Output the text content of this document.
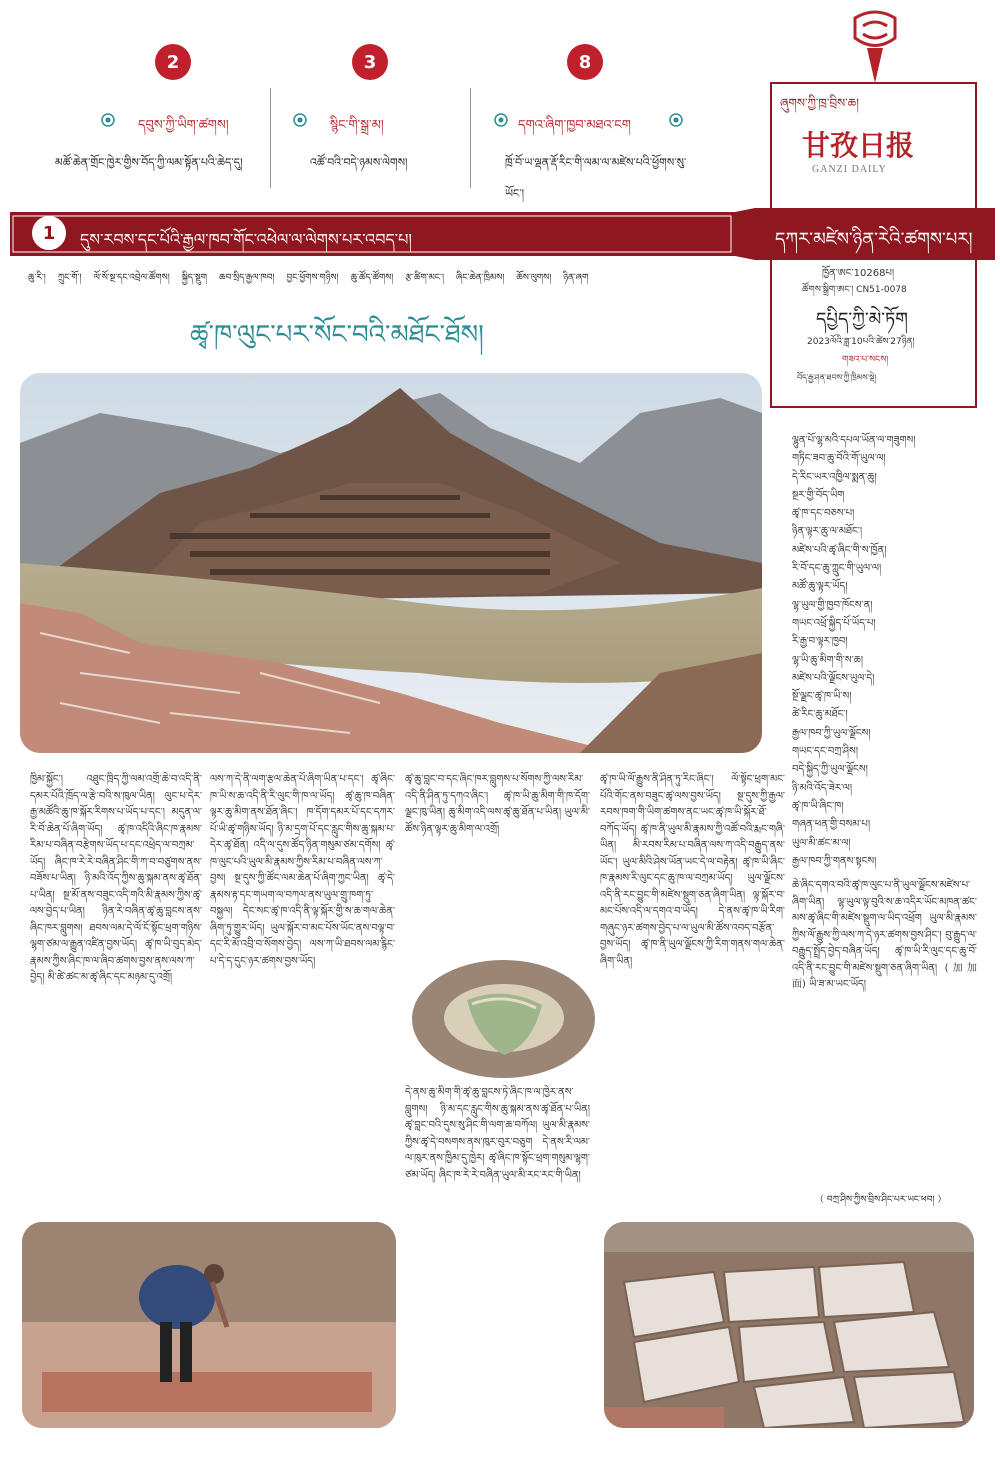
2
དབུས་ཀྱི་ཡིག་ཚགས།
མཚོ་ཆེན་གྲོང་ཁྱེར་གྱིས་བོད་ཀྱི་ལམ་སྟོན་པའི་ཆེད་དུ།
3
སྙིང་གི་སྒྲ་མ།
འཚོ་བའི་བདེ་ཉམས་ལེགས།
8
དགའ་ཞིག་ཁྱབ་མཐའ་ངག
ཁྲོ་བོ་ཡ་ལྡན་རྡོ་རིང་གི་ལམ་ལ་མཛེས་པའི་ཕྱོགས་སུ་ཡོང་།
ཞུགས་ཀྱི་ཁྲ་བྲིས་ཆ།
甘孜日报
GANZI DAILY
ཁྱོན་ཨང་10268པ།
ཚོགས་སྒྲིག་ཨང་། CN51-0078
དཔྱིད་ཀྱི་མེ་ཏོག
2023ལོའི་ཟླ་10པའི་ཚེས་27ཉིན།
གཟའ་པ་སངས།
བོད་རྒྱ་ཤན་ཐབས་ཀྱི་ཁྲིམས་སྡེ།
1	དུས་རབས་དང་པོའི་རྒྱལ་ཁབ་གོང་འཕེལ་ལ་ལེགས་པར་འབད་པ།	དཀར་མཛེས་ཉིན་རེའི་ཚགས་པར།
ཆུ་རི་། ཀྲུང་གོ་། ལོ་སོ་སྔ་དང་འབྲེལ་ཚོགས། སྐྱིད་སྡུག ཆབ་སྲིད་རྒྱལ་ཁབ། བྱང་ཕྱོགས་གཉིས། ཆུ་ཚོད་ཚོགས། རྩ་ཚིག་མང་། ཞིང་ཆེན་ཁྲིམས། ཆོས་ལུགས། ཉིན་ཞག
ཚྭ་ཁ་ལུང་པར་སོང་བའི་མཐོང་ཐོས།
ཁྱིམ་སྐྱོང་། འཐུང་ཁྲིད་ཀྱི་ལམ་འགྲོ་ཆེ་བ་འདི་ནི་དམར་པོའི་ཁྲོད་ལ་རྩེ་བའི་ས་ཁུལ་ཡིན། ལུང་པ་དེར་རྒྱ་མཚོའི་ཆུ་ཁ་སྐོར་རིགས་པ་ཡོད་པ་དང་། མདུན་ལ་རི་བོ་ཆེན་པོ་ཞིག་ཡོད། ཚྭ་ཁ་འདིའི་ཞིང་ཁ་རྣམས་རིམ་པ་བཞིན་བརྩེགས་ཡོད་པ་དང་འཕྲེད་ལ་བཀྲམ་ཡོད། ཞིང་ཁ་རེ་རེ་བཞིན་ཤིང་གི་ཀ་བ་བཙུགས་ནས་བཟོས་པ་ཡིན། ཉི་མའི་འོད་ཀྱིས་ཆུ་སྐམ་ནས་ཚྭ་ཐོན་པ་ཡིན། སྔ་མོ་ནས་བཟུང་འདི་གའི་མི་རྣམས་ཀྱིས་ཚྭ་ལས་བྱེད་པ་ཡིན། ཉིན་རེ་བཞིན་ཚྭ་ཆུ་བླངས་ནས་ཞིང་ཁར་བླུགས། ཐབས་ལམ་དེ་ལོ་ངོ་སྟོང་ཕྲག་གཉིས་ལྷག་ཙམ་ལ་རྒྱུན་འཛིན་བྱས་ཡོད། ཚྭ་ཁ་ཡི་བུད་མེད་རྣམས་ཀྱིས་ཞིང་ཁ་ལ་ཞིབ་ཚགས་བྱས་ནས་ལས་ཀ་བྱེད། མི་ཚེ་ཚང་མ་ཚྭ་ཞིང་དང་མཉམ་དུ་འགྲོ།
ལས་ཀ་དེ་ནི་ལག་རྩལ་ཆེན་པོ་ཞིག་ཡིན་པ་དང་། ཚྭ་ཞིང་ཁ་ཡི་ས་ཆ་འདི་ནི་རི་ལུང་གི་ཁ་ལ་ཡོད། ཚྭ་ཆུ་ཁ་བཞིན་ལྟར་ཆུ་མིག་ནས་ཐོན་ཞིང་། ཁ་དོག་དམར་པོ་དང་དཀར་པོ་ཡི་ཚྭ་གཉིས་ཡོད། ཉི་མ་དྲག་པོ་དང་རླུང་གིས་ཆུ་སྐམ་པ་དེར་ཚྭ་ཐོན། འདི་ལ་དུས་ཚོད་ཉིན་གསུམ་ཙམ་དགོས། ཚྭ་ཁ་ལུང་པའི་ཡུལ་མི་རྣམས་ཀྱིས་རིམ་པ་བཞིན་ལས་ཀ་བྱས། སྔ་དུས་ཀྱི་ཚོང་ལམ་ཆེན་པོ་ཞིག་ཀྱང་ཡིན། ཚྭ་དེ་རྣམས་རྟ་དང་གཡག་ལ་བཀལ་ནས་ཡུལ་གྲུ་ཁག་ཏུ་བསྐྱལ། དེང་སང་ཚྭ་ཁ་འདི་ནི་ལྟ་སྐོར་གྱི་ས་ཆ་གལ་ཆེན་ཞིག་ཏུ་གྱུར་ཡོད། ཡུལ་སྐོར་བ་མང་པོས་ཡོང་ནས་བལྟ་བ་དང་རི་མོ་འབྲི་བ་སོགས་བྱེད། ལས་ཀ་ཡི་ཐབས་ལམ་རྙིང་པ་དེ་ད་དུང་ཉར་ཚགས་བྱས་ཡོད།
ཚྭ་ཆུ་བླང་བ་དང་ཞིང་ཁར་བླུགས་པ་སོགས་ཀྱི་ལས་རིམ་འདི་ནི་ཤིན་ཏུ་དཀའ་ཞིང་། ཚྭ་ཁ་ཡི་ཆུ་མིག་གི་ཁ་དོག་ལྗང་ཁུ་ཡིན། ཆུ་མིག་འདི་ལས་ཚྭ་ཆུ་ཐོན་པ་ཡིན། ཡུལ་མི་ཚོས་ཉིན་ལྟར་ཆུ་མིག་ལ་འགྲོ།
དེ་ནས་ཆུ་མིག་གི་ཚྭ་ཆུ་བླངས་ཏེ་ཞིང་ཁ་ལ་ཁྱེར་ནས་བླུགས། ཉི་མ་དང་རླུང་གིས་ཆུ་སྐམ་ནས་ཚྭ་ཐོན་པ་ཡིན། ཚྭ་བླང་བའི་དུས་སུ་ཤིང་གི་ལག་ཆ་བཀོལ། ཡུལ་མི་རྣམས་ཀྱིས་ཚྭ་དེ་བསགས་ནས་ཁུར་བུར་བཅུག དེ་ནས་རི་ལམ་ལ་ཁུར་ནས་ཁྱིམ་དུ་ཁྱེར། ཚྭ་ཞིང་ཁ་སྟོང་ཕྲག་གསུམ་ལྷག་ཙམ་ཡོད། ཞིང་ཁ་རེ་རེ་བཞིན་ཡུལ་མི་རང་རང་གི་ཡིན།
ཚྭ་ཁ་ཡི་ལོ་རྒྱུས་ནི་ཤིན་ཏུ་རིང་ཞིང་། ལོ་སྟོང་ཕྲག་མང་པོའི་གོང་ནས་བཟུང་ཚྭ་ལས་བྱས་ཡོད། སྔ་དུས་ཀྱི་རྒྱལ་རབས་ཁག་གི་ཡིག་ཚགས་ནང་ཡང་ཚྭ་ཁ་ཡི་སྐོར་ཐོ་བཀོད་ཡོད། ཚྭ་ཁ་ནི་ཡུལ་མི་རྣམས་ཀྱི་འཚོ་བའི་རྨང་གཞི་ཡིན། མི་རབས་རིམ་པ་བཞིན་ལས་ཀ་འདི་བརྒྱུད་ནས་ཡོང་། ཡུལ་མིའི་ཤེས་ཡོན་ཡང་དེ་ལ་བརྟེན། ཚྭ་ཁ་ཡི་ཞིང་ཁ་རྣམས་རི་ལུང་དང་ཆུ་ཁ་ལ་བཀྲམ་ཡོད། ཡུལ་ལྗོངས་འདི་ནི་རང་བྱུང་གི་མཛེས་སྡུག་ཅན་ཞིག་ཡིན། ལྟ་སྐོར་བ་མང་པོས་འདི་ལ་དགའ་བ་ཡོད། དེ་ནས་ཚྭ་ཁ་ཡི་རིག་གཞུང་ཉར་ཚགས་བྱེད་པ་ལ་ཡུལ་མི་ཚོས་འབད་བརྩོན་བྱས་ཡོད། ཚྭ་ཁ་ནི་ཡུལ་ལྗོངས་ཀྱི་རིག་གནས་གལ་ཆེན་ཞིག་ཡིན།
ལྷུན་པོ་ལྷ་མའི་དཔལ་ཡོན་ལ་གཟུགས།
གཏིང་ཟབ་ཆུ་བོའི་གོ་ཡུལ་ལ།
དེ་རིང་ཡར་འཁྱིལ་སྨན་ཆུ།
སྔར་གྱི་བོད་ཡིག
ཚྭ་ཁ་དང་བཅས་པ།
ཉིན་ལྟར་ཆུ་ལ་མཐོང་།
མཛེས་པའི་ཚྭ་ཞིང་གི་ས་ཁྱོན།
རི་བོ་དང་ཆུ་ཀླུང་གི་ཡུལ་ལ།
མཚོ་ཆུ་ལྟར་ཡོད།
ལྷ་ཡུལ་གྱི་ཁྱབ་ཁོངས་ན།
གཡང་འཕྲོ་སྐྱིད་པོ་ཡོད་པ།
རི་རྒྱ་བ་ལྟར་ཁྱབ།
ལྷ་ཡི་ཆུ་མིག་གི་ས་ཆ།
མཛེས་པའི་ལྗོངས་ཡུལ་དེ།
སྔོ་ལྗང་ཚྭ་ཁ་ཡི་ས།
ཚེ་རིང་ཆུ་མཐོང་།
རྒྱལ་ཁབ་ཀྱི་ཡུལ་ལྗོངས།
གཡང་དང་བཀྲ་ཤིས།
བདེ་སྐྱིད་ཀྱི་ཡུལ་ལྗོངས།
ཉི་མའི་འོད་ཟེར་ལ།
ཚྭ་ཁ་ཡི་ཞིང་ཁ།
གཞན་ཕན་གྱི་བསམ་པ།
ཡུལ་མི་ཚང་མ་ལ།
རྒྱལ་ཁབ་ཀྱི་གནས་སྟངས།
ཆེ་ཞིང་དགའ་བའི་ཚྭ་ཁ་ལུང་པ་ནི་ཡུལ་ལྗོངས་མཛེས་པ་ཞིག་ཡིན། ལྷ་ཡུལ་ལྟ་བུའི་ས་ཆ་འདིར་ཡོང་མཁན་ཚང་མས་ཚྭ་ཞིང་གི་མཛེས་སྡུག་ལ་ཡིད་འཕྲོག ཡུལ་མི་རྣམས་ཀྱིས་ལོ་རྒྱུས་ཀྱི་ལས་ཀ་དེ་ཉར་ཚགས་བྱས་ཤིང་། བུ་རྒྱུད་ལ་བརྒྱུད་སྤྲོད་བྱེད་བཞིན་ཡོད། ཚྭ་ཁ་ཡི་རི་ལུང་དང་ཆུ་བོ་འདི་ནི་རང་བྱུང་གི་མཛེས་སྡུག་ཅན་ཞིག་ཡིན། (加加面) ཡི་ཟ་མ་ཡང་ཡོད།
（ བཀྲ་ཤིས་ཀྱིས་བྲིས་ཤིང་པར་ཡང་ཕབ། ）
